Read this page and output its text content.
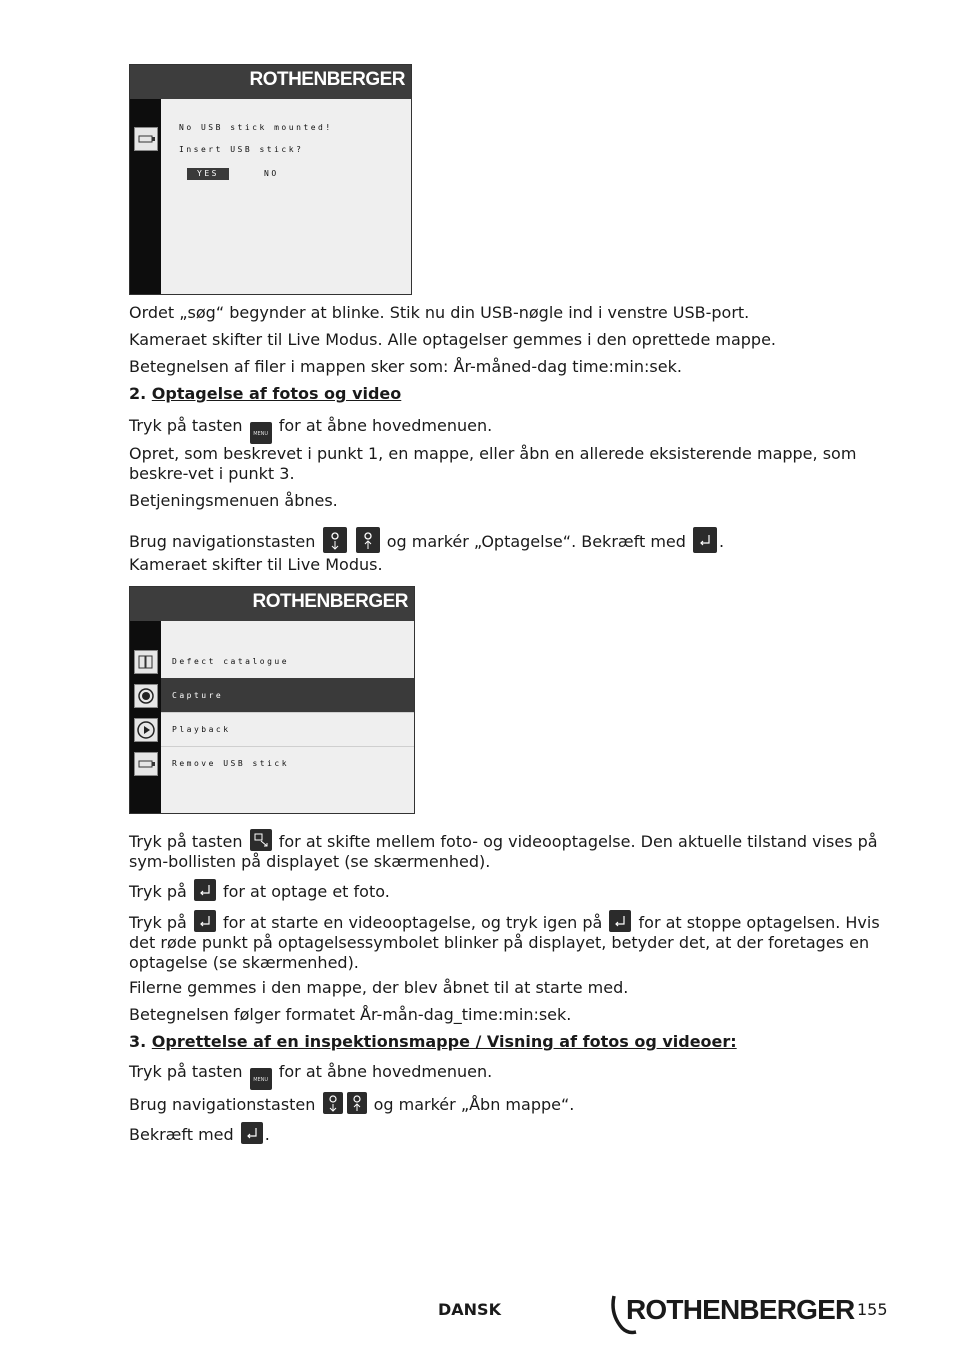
ROTHENBERGER
No USB stick mounted!
Insert USB stick?
YES	NO

Ordet „søg“ begynder at blinke. Stik nu din USB-nøgle ind i venstre USB-port.

Kameraet skifter til Live Modus. Alle optagelser gemmes i den oprettede mappe.

Betegnelsen af filer i mappen sker som: År-måned-dag time:min:sek.

2. Optagelse af fotos og video

Tryk på tasten MENU for at åbne hovedmenuen.

Opret, som beskrevet i punkt 1, en mappe, eller åbn en allerede eksisterende mappe, som beskre-vet i punkt 3.

Betjeningsmenuen åbnes.

Brug navigationstasten
	og markér „Optagelse“. Bekræft med .

Kameraet skifter til Live Modus.

ROTHENBERGER
Defect catalogue
Capture
Playback
Remove USB stick

Tryk på tasten for at skifte mellem foto- og videooptagelse. Den aktuelle tilstand vises på sym-bollisten på displayet (se skærmenhed).

Tryk på for at optage et foto.

Tryk på for at starte en videooptagelse, og tryk igen på for at stoppe optagelsen. Hvis det røde punkt på optagelsessymbolet blinker på displayet, betyder det, at der foretages en optagelse (se skærmenhed).

Filerne gemmes i den mappe, der blev åbnet til at starte med.

Betegnelsen følger formatet År-mån-dag_time:min:sek.

3. Oprettelse af en inspektionsmappe / Visning af fotos og videoer:

Tryk på tasten MENU for at åbne hovedmenuen.

Brug navigationstasten	og markér „Åbn mappe“.

Bekræft med .

DANSK	ROTHENBERGER 155
